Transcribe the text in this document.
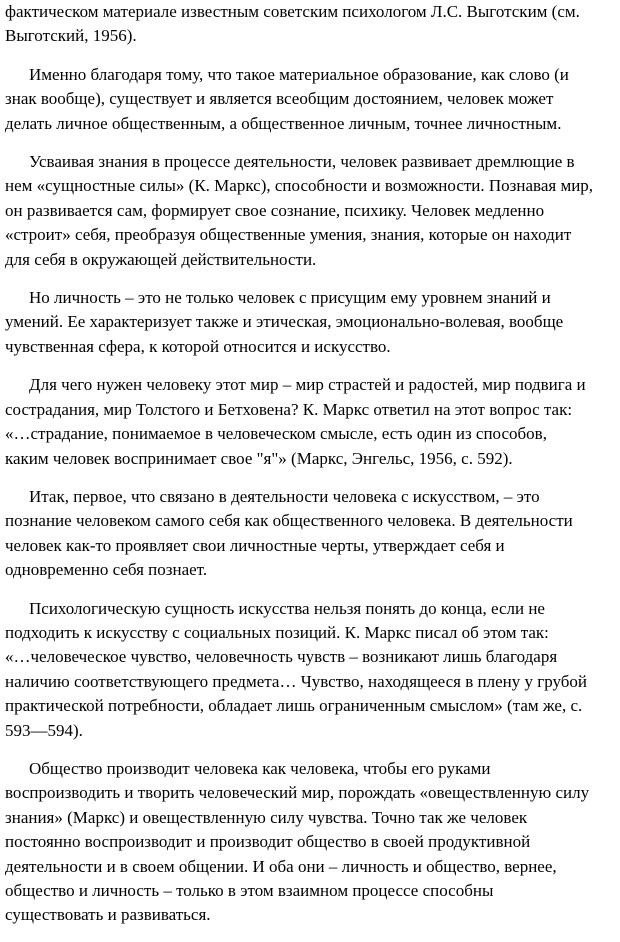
фактическом материале известным советским психологом Л.С. Выготским (см.
Выготский, 1956).

Именно благодаря тому, что такое материальное образование, как слово (и
знак вообще), существует и является всеобщим достоянием, человек может
делать личное общественным, а общественное личным, точнее личностным.

Усваивая знания в процессе деятельности, человек развивает дремлющие в
нем «сущностные силы» (К. Маркс), способности и возможности. Познавая мир,
он развивается сам, формирует свое сознание, психику. Человек медленно
«строит» себя, преобразуя общественные умения, знания, которые он находит
для себя в окружающей действительности.

Но личность – это не только человек с присущим ему уровнем знаний и
умений. Ее характеризует также и этическая, эмоционально-волевая, вообще
чувственная сфера, к которой относится и искусство.

Для чего нужен человеку этот мир – мир страстей и радостей, мир подвига и
сострадания, мир Толстого и Бетховена? К. Маркс ответил на этот вопрос так:
«…страдание, понимаемое в человеческом смысле, есть один из способов,
каким человек воспринимает свое "я"» (Маркс, Энгельс, 1956, с. 592).

Итак, первое, что связано в деятельности человека с искусством, – это
познание человеком самого себя как общественного человека. В деятельности
человек как-то проявляет свои личностные черты, утверждает себя и
одновременно себя познает.

Психологическую сущность искусства нельзя понять до конца, если не
подходить к искусству с социальных позиций. К. Маркс писал об этом так:
«…человеческое чувство, человечность чувств – возникают лишь благодаря
наличию соответствующего предмета… Чувство, находящееся в плену у грубой
практической потребности, обладает лишь ограниченным смыслом» (там же, с.
593—594).

Общество производит человека как человека, чтобы его руками
воспроизводить и творить человеческий мир, порождать «овеществленную силу
знания» (Маркс) и овеществленную силу чувства. Точно так же человек
постоянно воспроизводит и производит общество в своей продуктивной
деятельности и в своем общении. И оба они – личность и общество, вернее,
общество и личность – только в этом взаимном процессе способны
существовать и развиваться.
